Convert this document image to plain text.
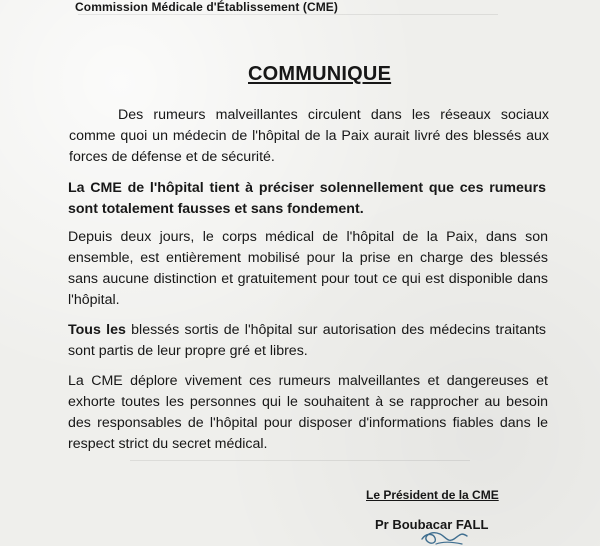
Commission Médicale d'Établissement (CME)
COMMUNIQUE
Des rumeurs malveillantes circulent dans les réseaux sociaux comme quoi un médecin de l'hôpital de la Paix aurait livré des blessés aux forces de défense et de sécurité.
La CME de l'hôpital tient à préciser solennellement que ces rumeurs sont totalement fausses et sans fondement.
Depuis deux jours, le corps médical de l'hôpital de la Paix, dans son ensemble, est entièrement mobilisé pour la prise en charge des blessés sans aucune distinction et gratuitement pour tout ce qui est disponible dans l'hôpital.
Tous les blessés sortis de l'hôpital sur autorisation des médecins traitants sont partis de leur propre gré et libres.
La CME déplore vivement ces rumeurs malveillantes et dangereuses et exhorte toutes les personnes qui le souhaitent à se rapprocher au besoin des responsables de l'hôpital pour disposer d'informations fiables dans le respect strict du secret médical.
Le Président de la CME
Pr Boubacar FALL
